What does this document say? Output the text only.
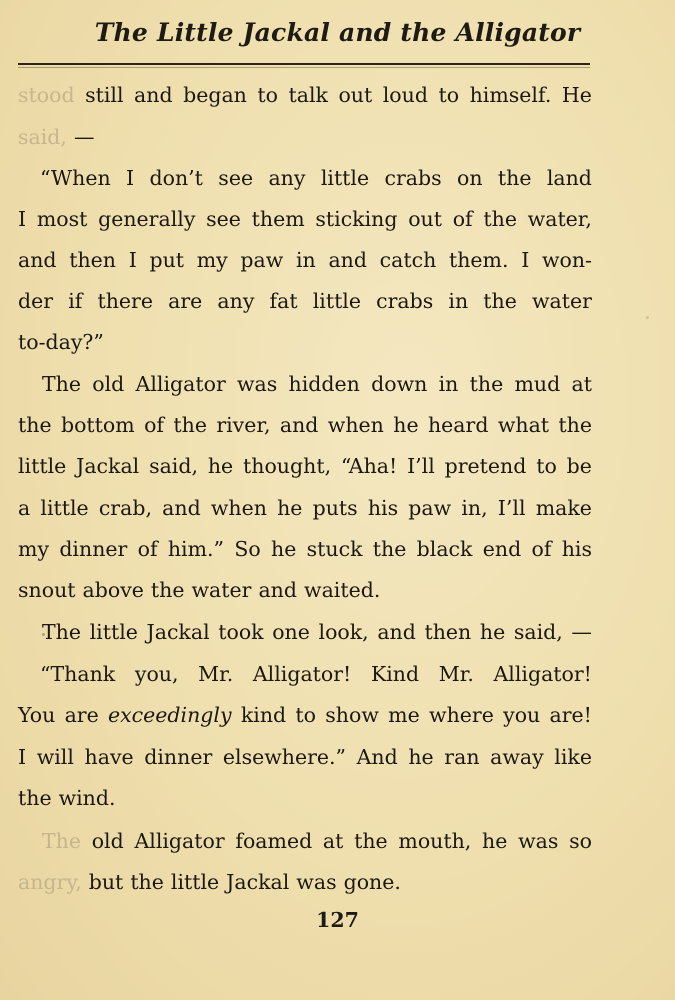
The Little Jackal and the Alligator
stood still and began to talk out loud to himself. He
said, —
“When I don’t see any little crabs on the land
I most generally see them sticking out of the water,
and then I put my paw in and catch them. I won-
der if there are any fat little crabs in the water
to-day?”
The old Alligator was hidden down in the mud at
the bottom of the river, and when he heard what the
little Jackal said, he thought, “Aha! I’ll pretend to be
a little crab, and when he puts his paw in, I’ll make
my dinner of him.” So he stuck the black end of his
snout above the water and waited.
The little Jackal took one look, and then he said, —
“Thank you, Mr. Alligator! Kind Mr. Alligator!
You are exceedingly kind to show me where you are!
I will have dinner elsewhere.” And he ran away like
the wind.
The old Alligator foamed at the mouth, he was so
angry, but the little Jackal was gone.
127
